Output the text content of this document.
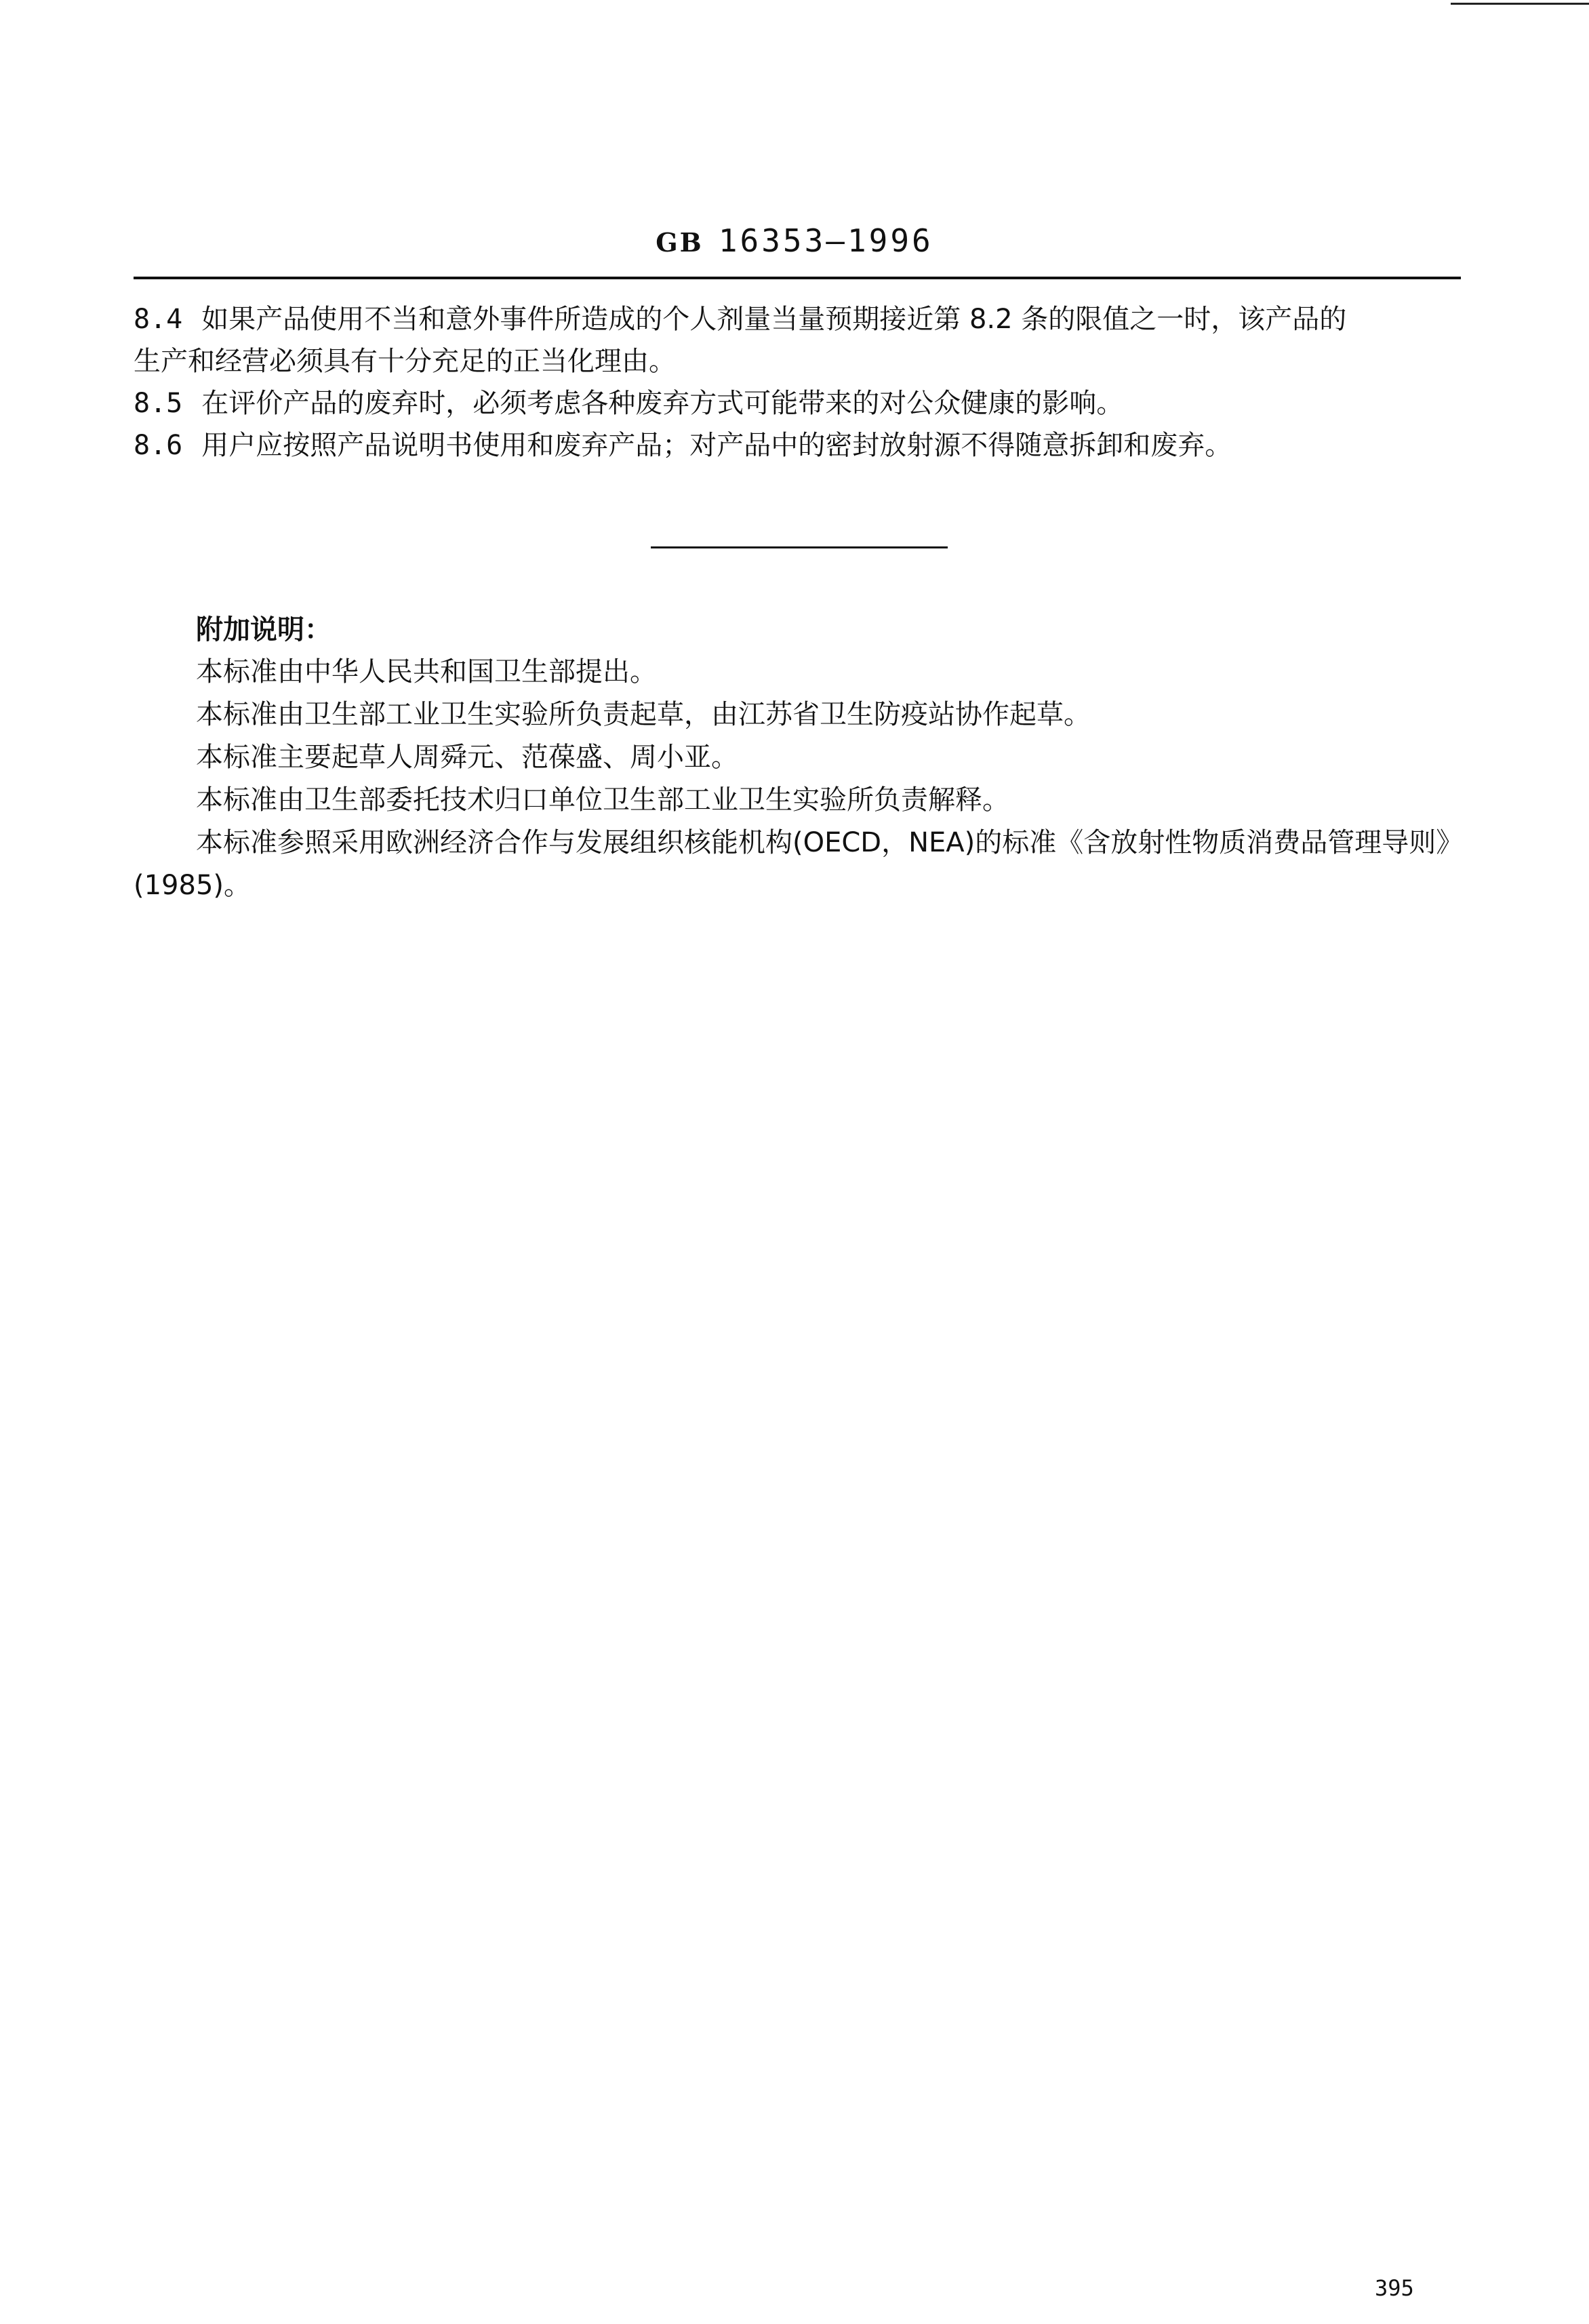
GB 16353—1996
8.4 如果产品使用不当和意外事件所造成的个人剂量当量预期接近第 8.2 条的限值之一时，该产品的
生产和经营必须具有十分充足的正当化理由。
8.5 在评价产品的废弃时，必须考虑各种废弃方式可能带来的对公众健康的影响。
8.6 用户应按照产品说明书使用和废弃产品；对产品中的密封放射源不得随意拆卸和废弃。
附加说明：
本标准由中华人民共和国卫生部提出。
本标准由卫生部工业卫生实验所负责起草，由江苏省卫生防疫站协作起草。
本标准主要起草人周舜元、范葆盛、周小亚。
本标准由卫生部委托技术归口单位卫生部工业卫生实验所负责解释。
本标准参照采用欧洲经济合作与发展组织核能机构(OECD，NEA)的标准《含放射性物质消费品管理导则》(1985)。
395
